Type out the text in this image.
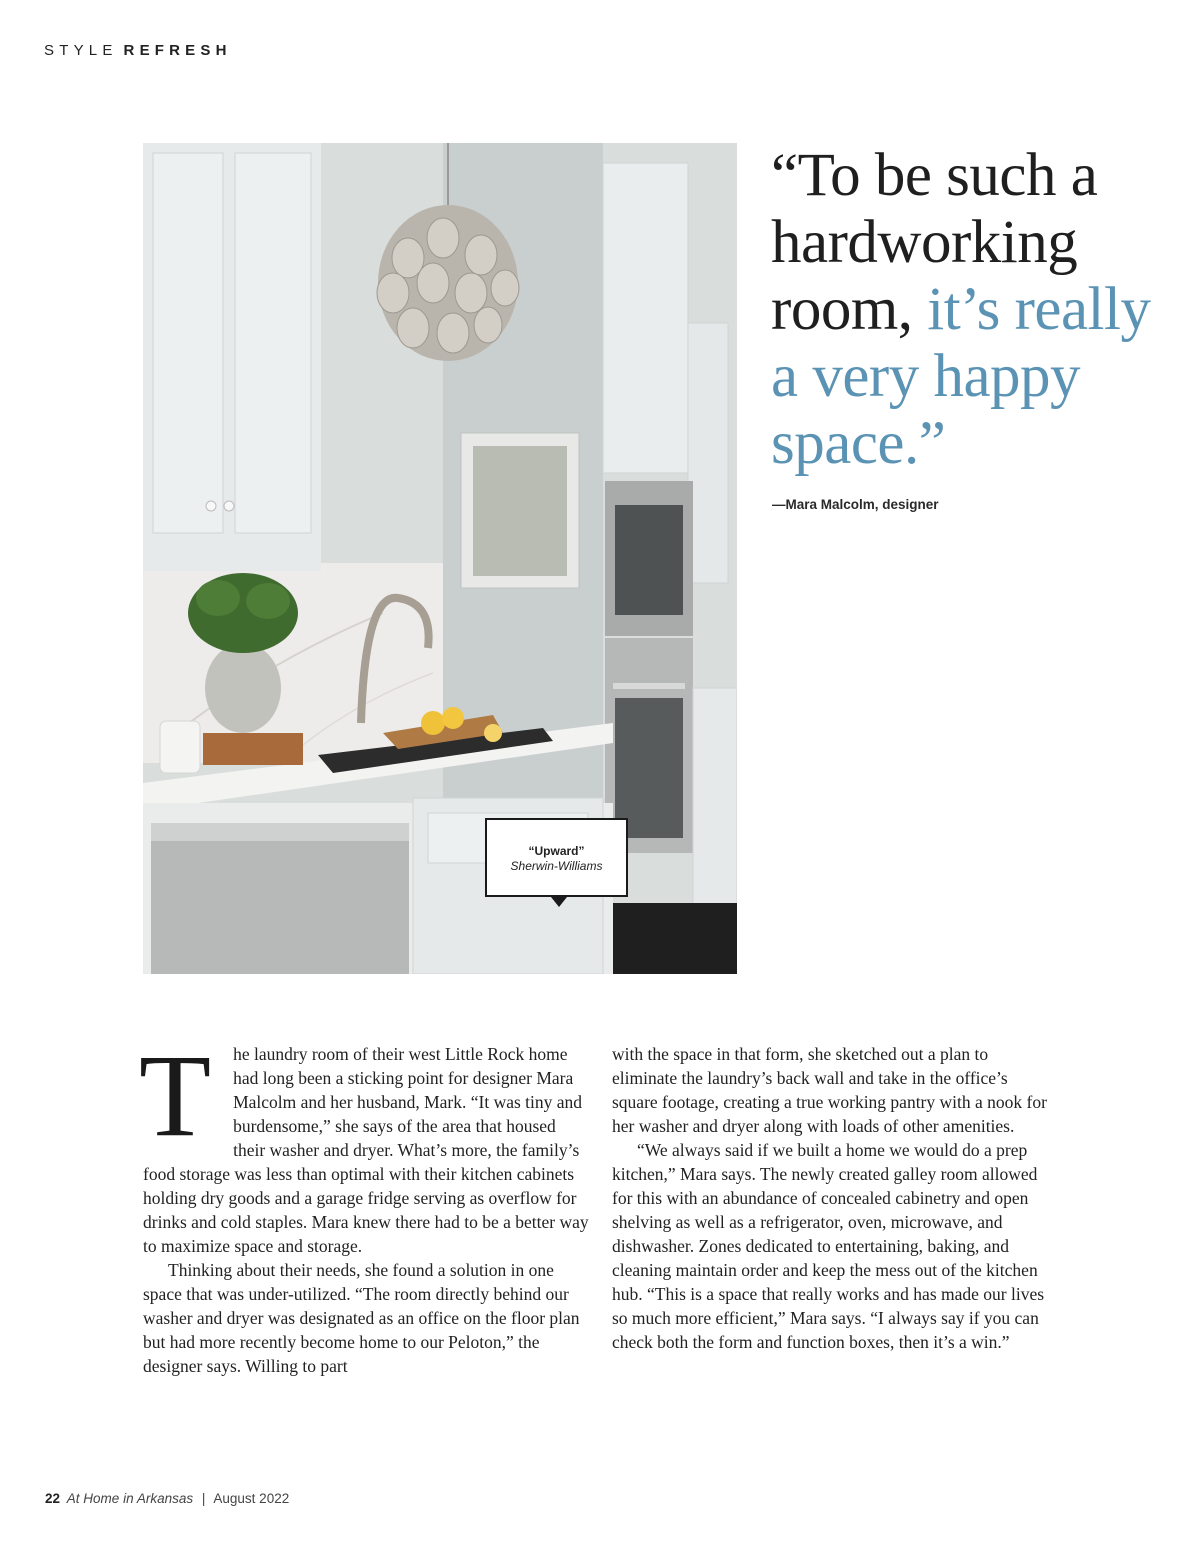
STYLE REFRESH
“Upward”
Sherwin-Williams
“To be such a hardworking room, it’s really a very happy space.”
—Mara Malcolm, designer

T he laundry room of their west Little Rock home had long been a sticking point for designer Mara Malcolm and her husband, Mark. “It was tiny and burdensome,” she says of the area that housed their washer and dryer. What’s more, the family’s food storage was less than optimal with their kitchen cabinets holding dry goods and a garage fridge serving as overflow for drinks and cold staples. Mara knew there had to be a better way to maximize space and storage.

Thinking about their needs, she found a solution in one space that was under-utilized. “The room directly behind our washer and dryer was designated as an office on the floor plan but had more recently become home to our Peloton,” the designer says. Willing to part

with the space in that form, she sketched out a plan to eliminate the laundry’s back wall and take in the office’s square footage, creating a true working pantry with a nook for her washer and dryer along with loads of other amenities.

“We always said if we built a home we would do a prep kitchen,” Mara says. The newly created galley room allowed for this with an abundance of concealed cabinetry and open shelving as well as a refrigerator, oven, microwave, and dishwasher. Zones dedicated to entertaining, baking, and cleaning maintain order and keep the mess out of the kitchen hub. “This is a space that really works and has made our lives so much more efficient,” Mara says. “I always say if you can check both the form and function boxes, then it’s a win.”

22 At Home in Arkansas | August 2022
